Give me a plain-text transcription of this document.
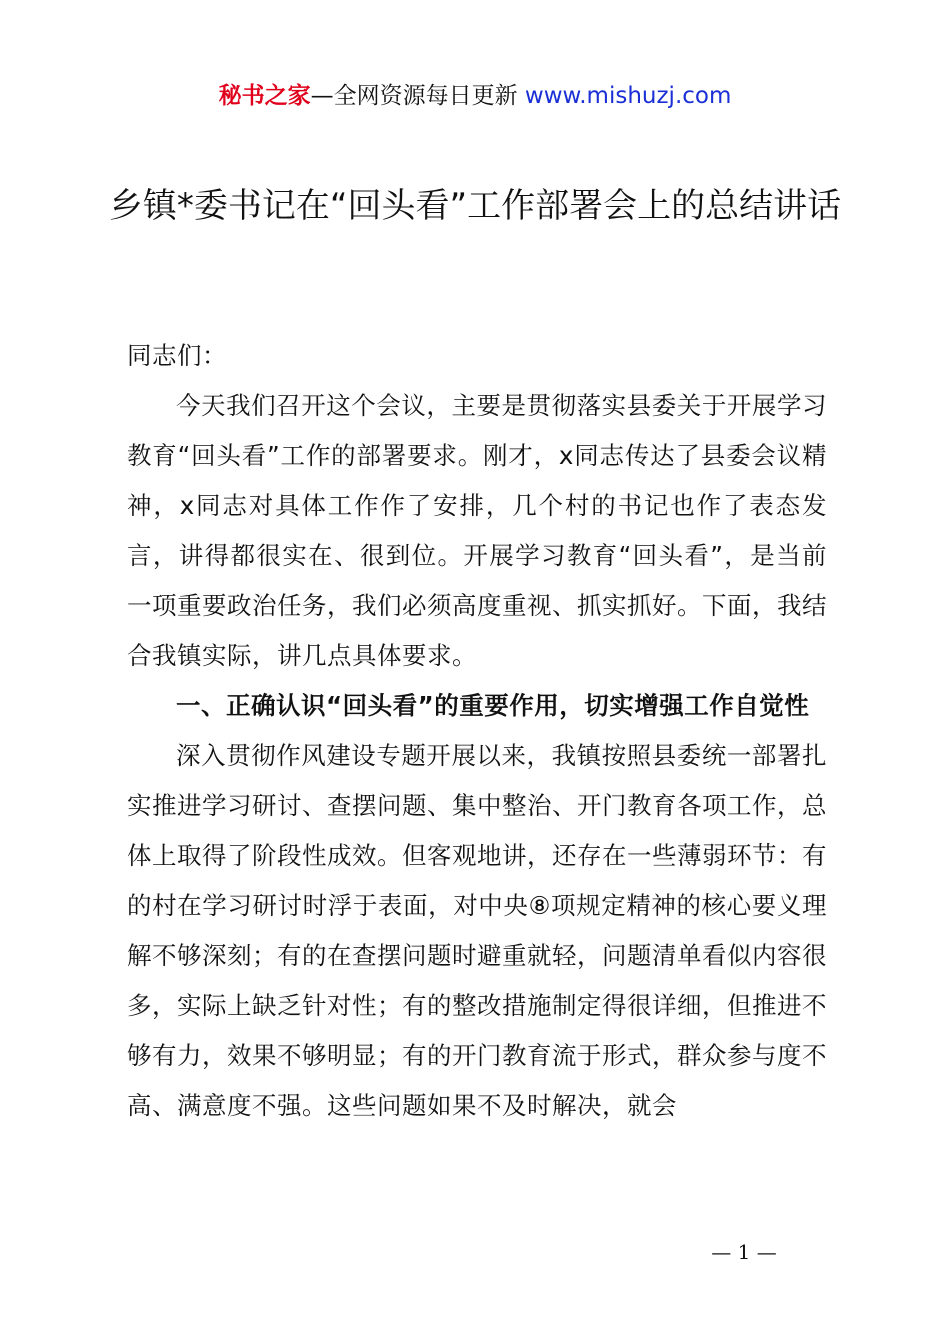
秘书之家—全网资源每日更新 www.mishuzj.com
乡镇*委书记在“回头看”工作部署会上的总结讲话

同志们：

今天我们召开这个会议，主要是贯彻落实县委关于开展学习教育“回头看”工作的部署要求。刚才，x同志传达了县委会议精神，x同志对具体工作作了安排，几个村的书记也作了表态发言，讲得都很实在、很到位。开展学习教育“回头看”，是当前一项重要政治任务，我们必须高度重视、抓实抓好。下面，我结合我镇实际，讲几点具体要求。

一、正确认识“回头看”的重要作用，切实增强工作自觉性

深入贯彻作风建设专题开展以来，我镇按照县委统一部署扎实推进学习研讨、查摆问题、集中整治、开门教育各项工作，总体上取得了阶段性成效。但客观地讲，还存在一些薄弱环节：有的村在学习研讨时浮于表面，对中央⑧项规定精神的核心要义理解不够深刻；有的在查摆问题时避重就轻，问题清单看似内容很多，实际上缺乏针对性；有的整改措施制定得很详细，但推进不够有力，效果不够明显；有的开门教育流于形式，群众参与度不高、满意度不强。这些问题如果不及时解决，就会

— 1 —
